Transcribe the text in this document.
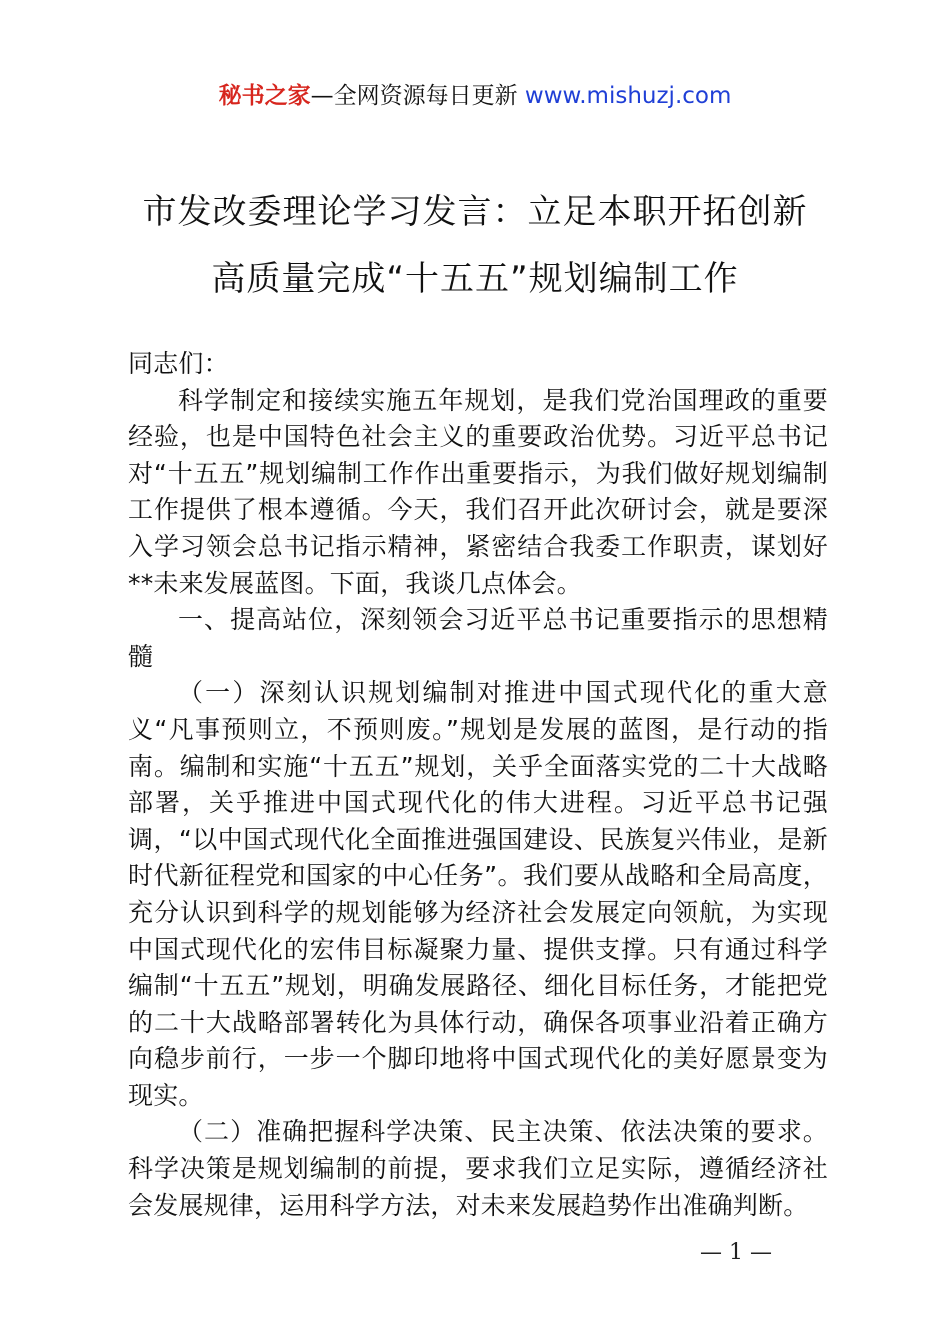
秘书之家—全网资源每日更新 www.mishuzj.com
市发改委理论学习发言：立足本职开拓创新
高质量完成“十五五”规划编制工作

同志们：

科学制定和接续实施五年规划，是我们党治国理政的重要经验，也是中国特色社会主义的重要政治优势。习近平总书记对“十五五”规划编制工作作出重要指示，为我们做好规划编制工作提供了根本遵循。今天，我们召开此次研讨会，就是要深入学习领会总书记指示精神，紧密结合我委工作职责，谋划好**未来发展蓝图。下面，我谈几点体会。

一、提高站位，深刻领会习近平总书记重要指示的思想精髓

（一）深刻认识规划编制对推进中国式现代化的重大意义“凡事预则立，不预则废。”规划是发展的蓝图，是行动的指南。编制和实施“十五五”规划，关乎全面落实党的二十大战略部署，关乎推进中国式现代化的伟大进程。习近平总书记强调，“以中国式现代化全面推进强国建设、民族复兴伟业，是新时代新征程党和国家的中心任务”。我们要从战略和全局高度，充分认识到科学的规划能够为经济社会发展定向领航，为实现中国式现代化的宏伟目标凝聚力量、提供支撑。只有通过科学编制“十五五”规划，明确发展路径、细化目标任务，才能把党的二十大战略部署转化为具体行动，确保各项事业沿着正确方向稳步前行，一步一个脚印地将中国式现代化的美好愿景变为现实。

（二）准确把握科学决策、民主决策、依法决策的要求。科学决策是规划编制的前提，要求我们立足实际，遵循经济社会发展规律，运用科学方法，对未来发展趋势作出准确判断。

— 1 —
